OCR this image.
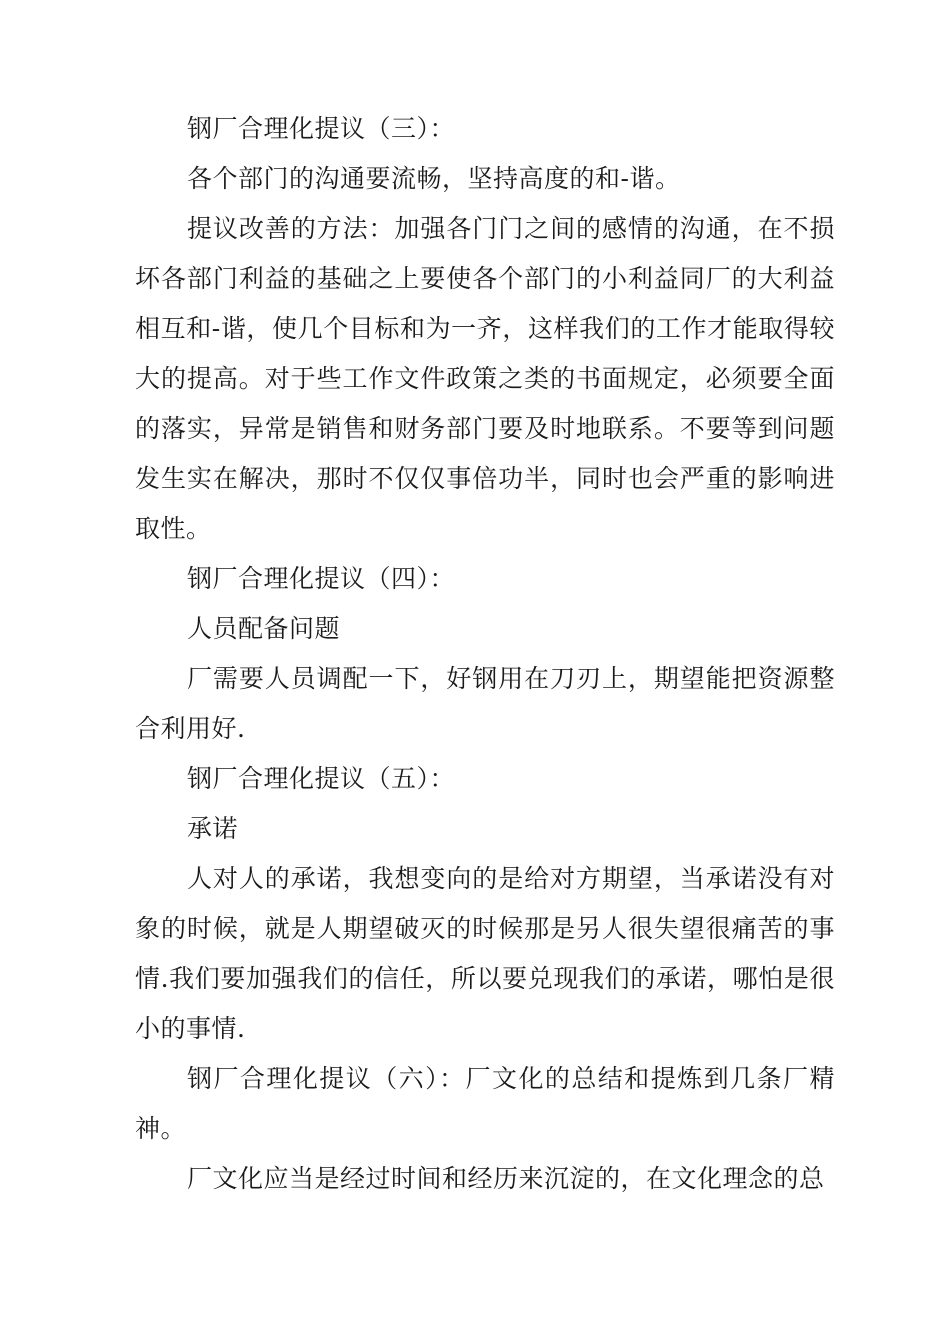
钢厂合理化提议（三）：

各个部门的沟通要流畅，坚持高度的和-谐。

提议改善的方法：加强各门门之间的感情的沟通，在不损坏各部门利益的基础之上要使各个部门的小利益同厂的大利益相互和-谐，使几个目标和为一齐，这样我们的工作才能取得较大的提高。对于些工作文件政策之类的书面规定，必须要全面的落实，异常是销售和财务部门要及时地联系。不要等到问题发生实在解决，那时不仅仅事倍功半，同时也会严重的影响进取性。

钢厂合理化提议（四）：

人员配备问题

厂需要人员调配一下，好钢用在刀刃上，期望能把资源整合利用好.

钢厂合理化提议（五）：

承诺

人对人的承诺，我想变向的是给对方期望，当承诺没有对象的时候，就是人期望破灭的时候那是另人很失望很痛苦的事情.我们要加强我们的信任，所以要兑现我们的承诺，哪怕是很小的事情.

钢厂合理化提议（六）：厂文化的总结和提炼到几条厂精神。

厂文化应当是经过时间和经历来沉淀的，在文化理念的总
